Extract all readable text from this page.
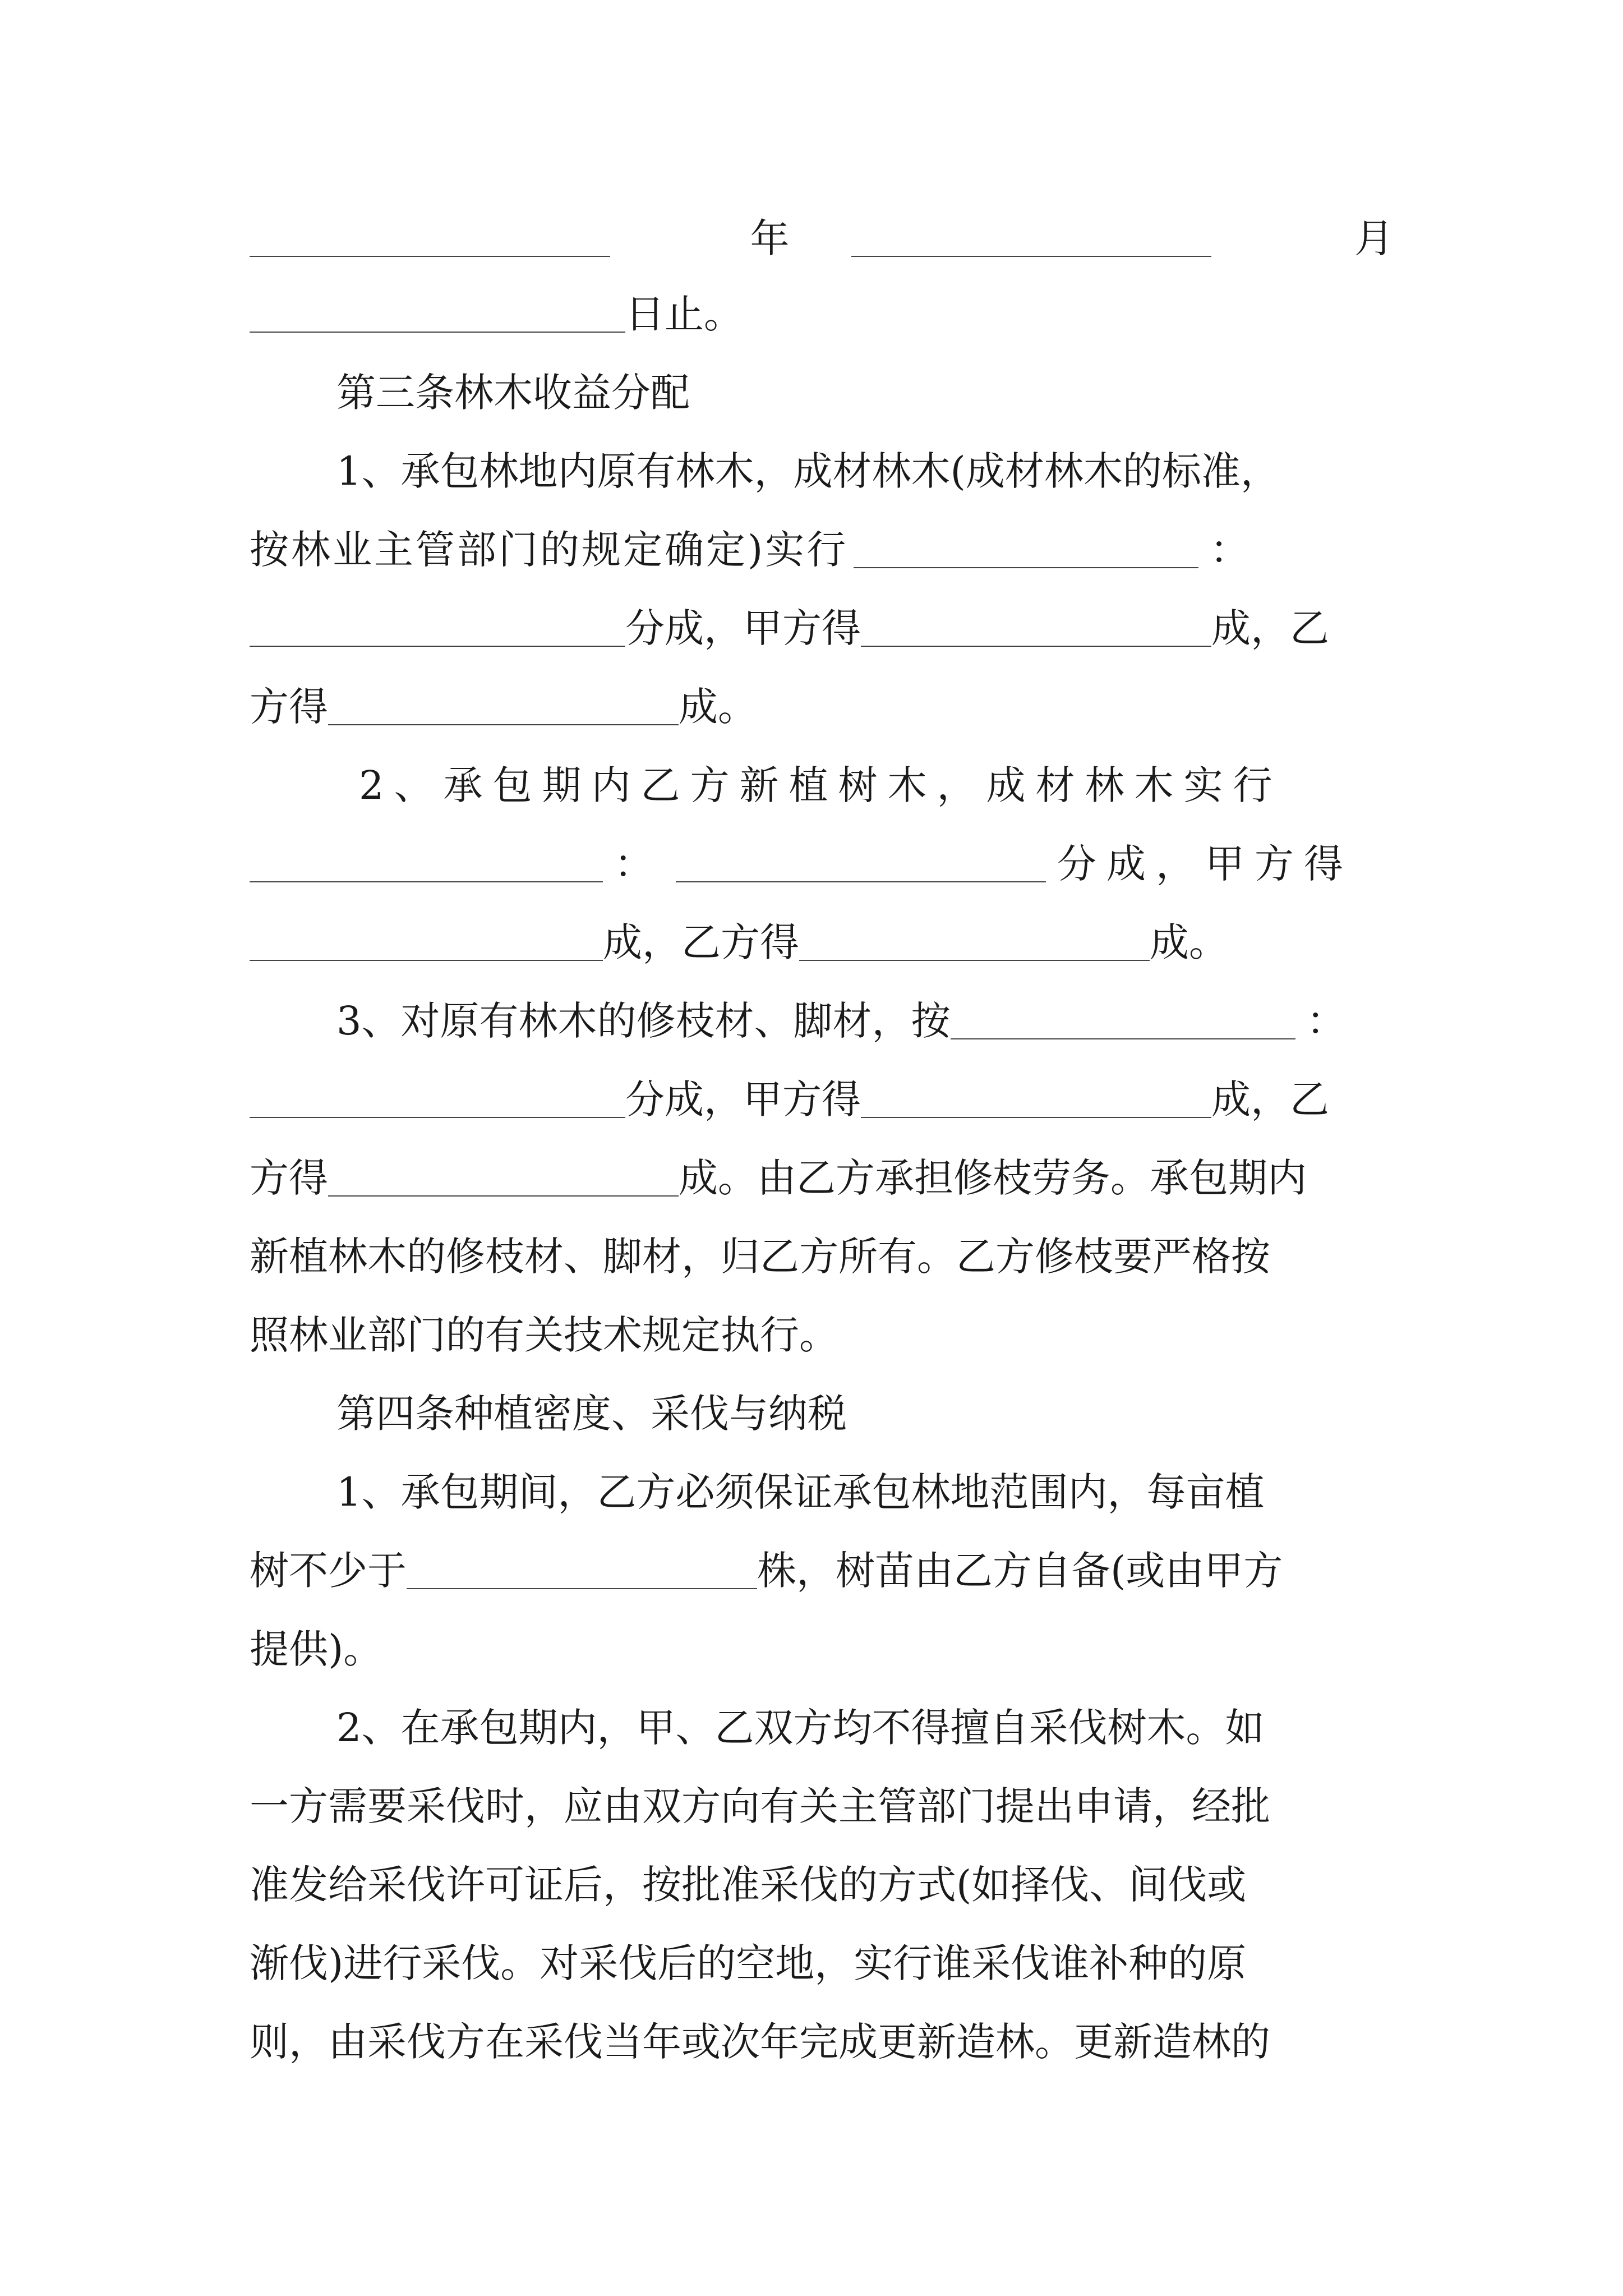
年	月
日止。
第三条林木收益分配
1、承包林地内原有林木，成材林木(成材林木的标准，
按林业主管部门的规定确定)实行	：
分成，甲方得	成，乙
方得	成。
2、承包期内乙方新植树木，成材林木实行
：	分成，甲方得
成，乙方得	成。
3、对原有林木的修枝材、脚材，按	：
分成，甲方得	成，乙
方得	成。由乙方承担修枝劳务。承包期内
新植林木的修枝材、脚材，归乙方所有。乙方修枝要严格按
照林业部门的有关技术规定执行。
第四条种植密度、采伐与纳税
1、承包期间，乙方必须保证承包林地范围内，每亩植
树不少于	株，树苗由乙方自备(或由甲方
提供)。
2、在承包期内，甲、乙双方均不得擅自采伐树木。如
一方需要采伐时，应由双方向有关主管部门提出申请，经批
准发给采伐许可证后，按批准采伐的方式(如择伐、间伐或
渐伐)进行采伐。对采伐后的空地，实行谁采伐谁补种的原
则，由采伐方在采伐当年或次年完成更新造林。更新造林的
